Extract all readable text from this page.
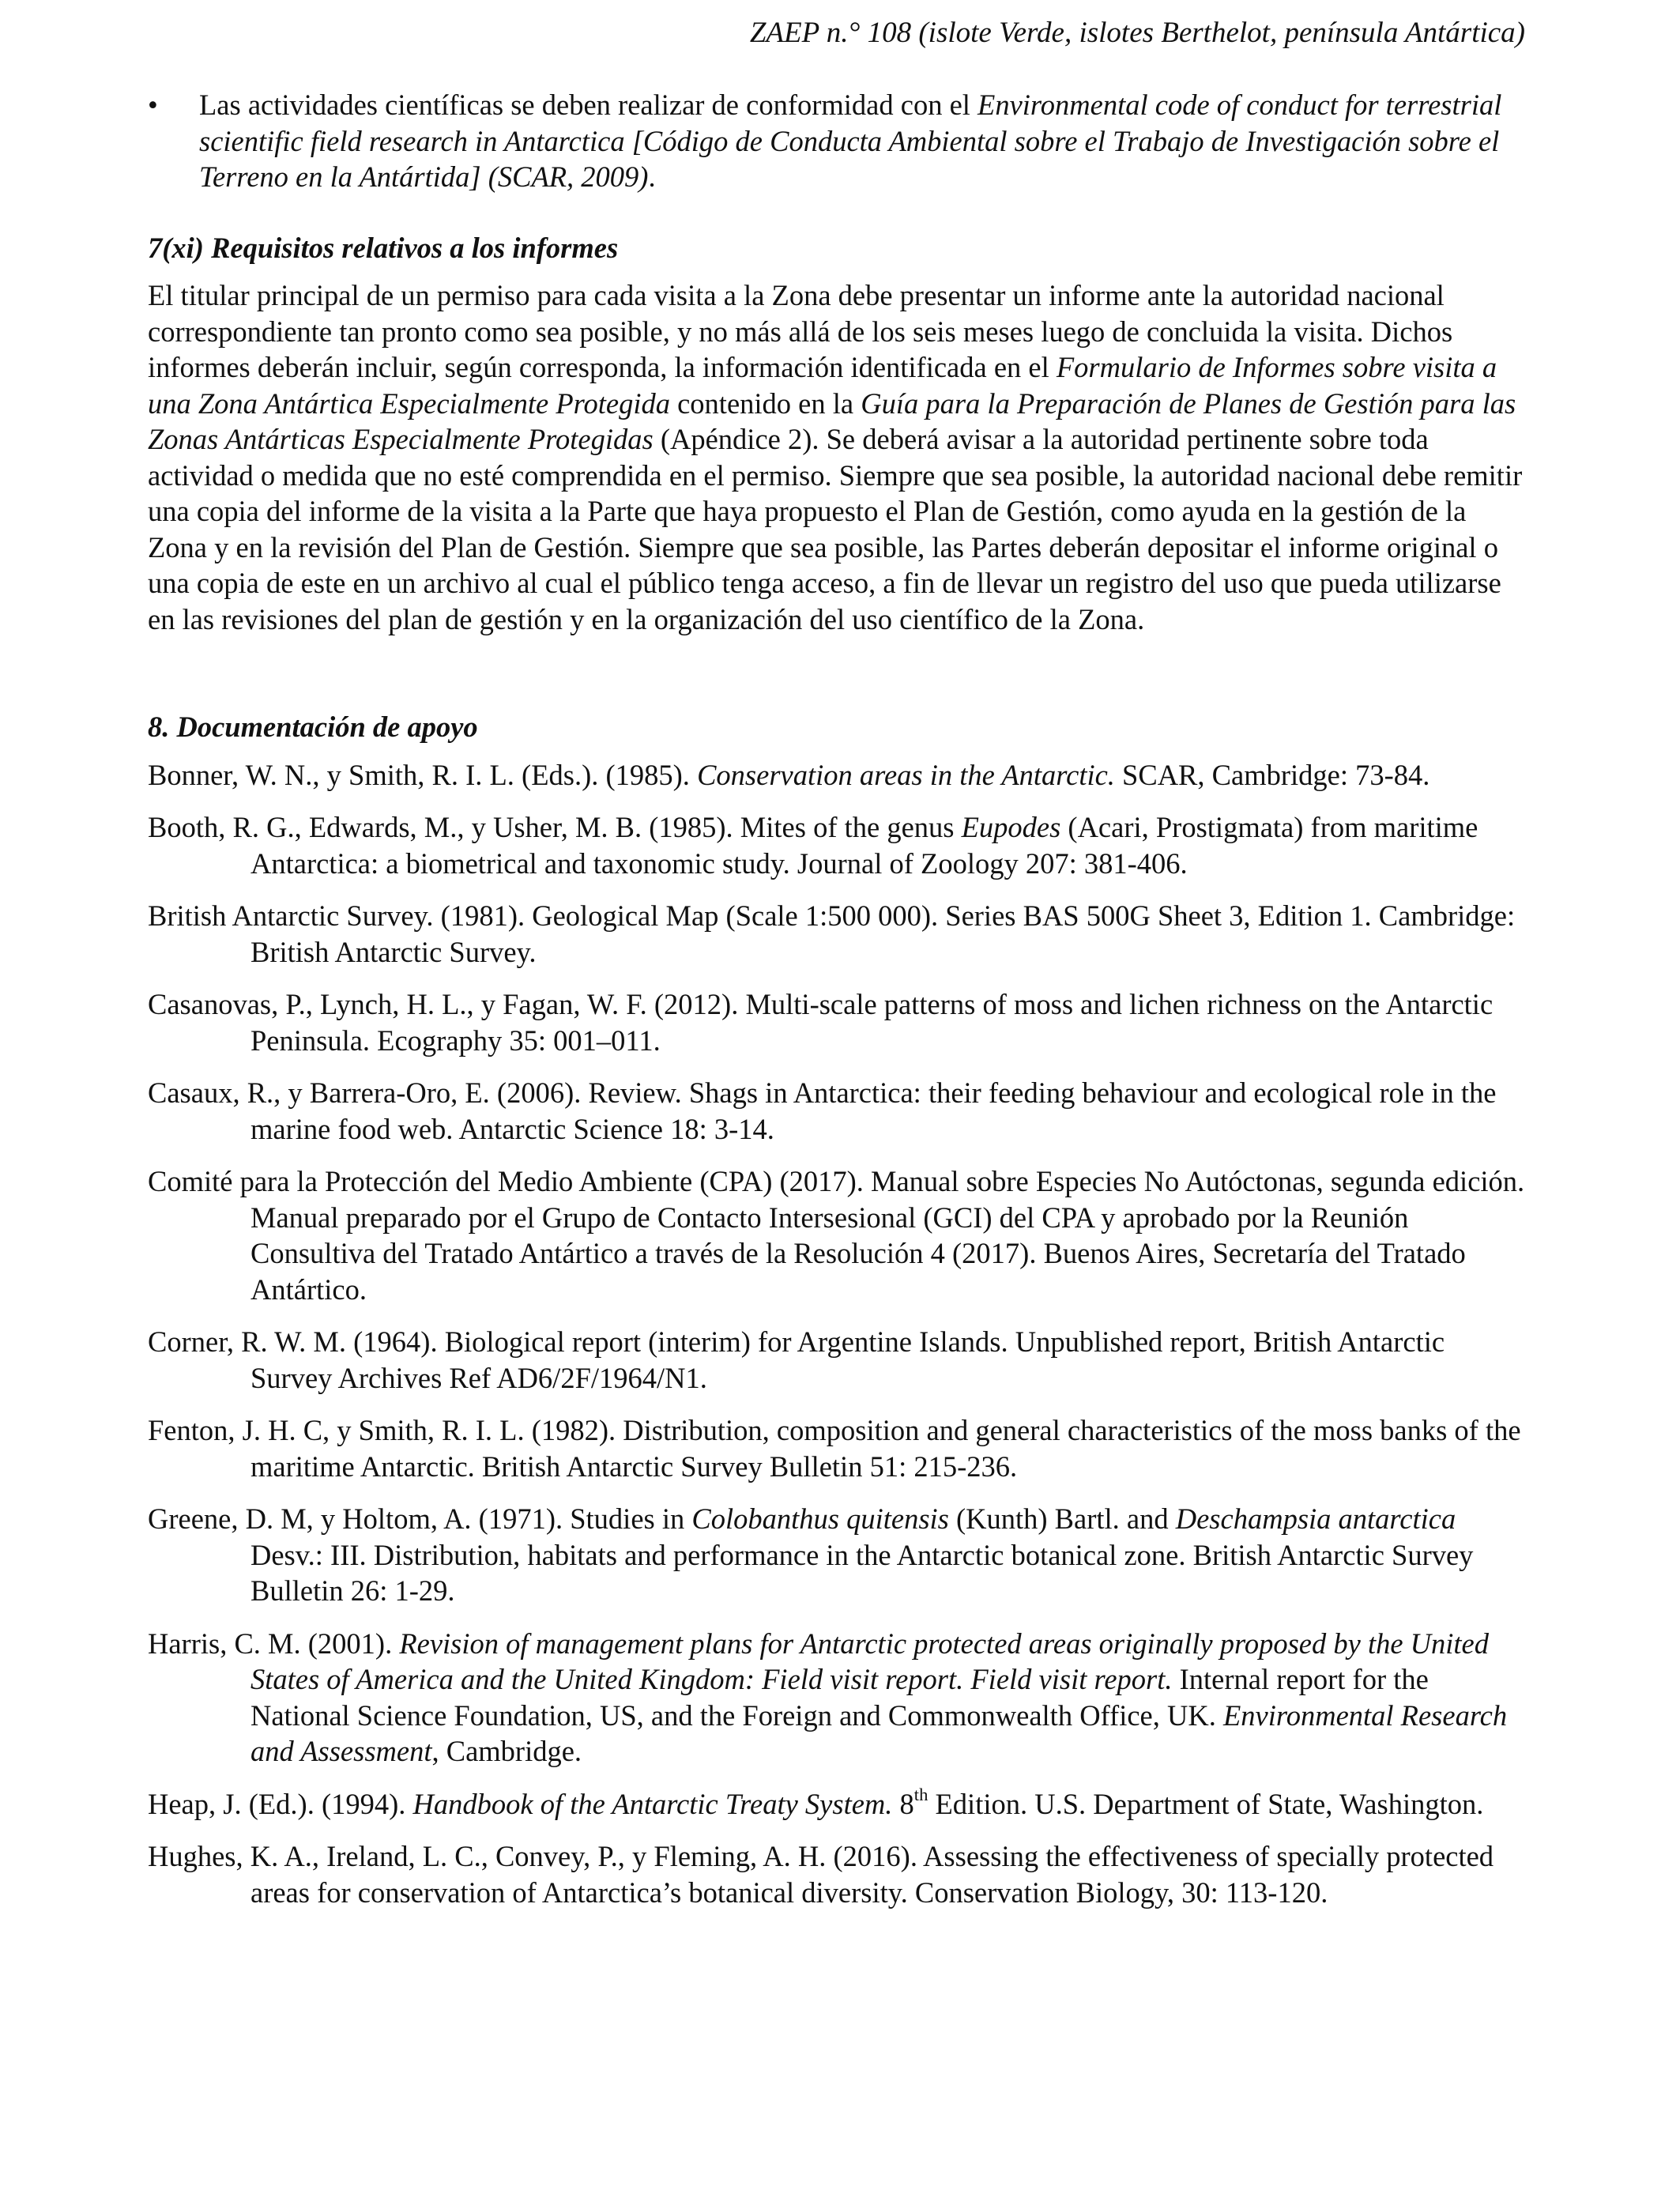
ZAEP n.° 108 (islote Verde, islotes Berthelot, península Antártica)
• Las actividades científicas se deben realizar de conformidad con el Environmental code of conduct for terrestrial scientific field research in Antarctica [Código de Conducta Ambiental sobre el Trabajo de Investigación sobre el Terreno en la Antártida] (SCAR, 2009).

7(xi) Requisitos relativos a los informes

El titular principal de un permiso para cada visita a la Zona debe presentar un informe ante la autoridad nacional correspondiente tan pronto como sea posible, y no más allá de los seis meses luego de concluida la visita. Dichos informes deberán incluir, según corresponda, la información identificada en el Formulario de Informes sobre visita a una Zona Antártica Especialmente Protegida contenido en la Guía para la Preparación de Planes de Gestión para las Zonas Antárticas Especialmente Protegidas (Apéndice 2). Se deberá avisar a la autoridad pertinente sobre toda actividad o medida que no esté comprendida en el permiso. Siempre que sea posible, la autoridad nacional debe remitir una copia del informe de la visita a la Parte que haya propuesto el Plan de Gestión, como ayuda en la gestión de la Zona y en la revisión del Plan de Gestión. Siempre que sea posible, las Partes deberán depositar el informe original o una copia de este en un archivo al cual el público tenga acceso, a fin de llevar un registro del uso que pueda utilizarse en las revisiones del plan de gestión y en la organización del uso científico de la Zona.

8. Documentación de apoyo

Bonner, W. N., y Smith, R. I. L. (Eds.). (1985). Conservation areas in the Antarctic. SCAR, Cambridge: 73-84.
Booth, R. G., Edwards, M., y Usher, M. B. (1985). Mites of the genus Eupodes (Acari, Prostigmata) from maritime Antarctica: a biometrical and taxonomic study. Journal of Zoology 207: 381-406.
British Antarctic Survey. (1981). Geological Map (Scale 1:500 000). Series BAS 500G Sheet 3, Edition 1. Cambridge: British Antarctic Survey.
Casanovas, P., Lynch, H. L., y Fagan, W. F. (2012). Multi-scale patterns of moss and lichen richness on the Antarctic Peninsula. Ecography 35: 001–011.
Casaux, R., y Barrera-Oro, E. (2006). Review. Shags in Antarctica: their feeding behaviour and ecological role in the marine food web. Antarctic Science 18: 3-14.
Comité para la Protección del Medio Ambiente (CPA) (2017). Manual sobre Especies No Autóctonas, segunda edición. Manual preparado por el Grupo de Contacto Intersesional (GCI) del CPA y aprobado por la Reunión Consultiva del Tratado Antártico a través de la Resolución 4 (2017). Buenos Aires, Secretaría del Tratado Antártico.
Corner, R. W. M. (1964). Biological report (interim) for Argentine Islands. Unpublished report, British Antarctic Survey Archives Ref AD6/2F/1964/N1.
Fenton, J. H. C, y Smith, R. I. L. (1982). Distribution, composition and general characteristics of the moss banks of the maritime Antarctic. British Antarctic Survey Bulletin 51: 215-236.
Greene, D. M, y Holtom, A. (1971). Studies in Colobanthus quitensis (Kunth) Bartl. and Deschampsia antarctica Desv.: III. Distribution, habitats and performance in the Antarctic botanical zone. British Antarctic Survey Bulletin 26: 1-29.
Harris, C. M. (2001). Revision of management plans for Antarctic protected areas originally proposed by the United States of America and the United Kingdom: Field visit report. Field visit report. Internal report for the National Science Foundation, US, and the Foreign and Commonwealth Office, UK. Environmental Research and Assessment, Cambridge.
Heap, J. (Ed.). (1994). Handbook of the Antarctic Treaty System. 8th Edition. U.S. Department of State, Washington.
Hughes, K. A., Ireland, L. C., Convey, P., y Fleming, A. H. (2016). Assessing the effectiveness of specially protected areas for conservation of Antarctica’s botanical diversity. Conservation Biology, 30: 113-120.
